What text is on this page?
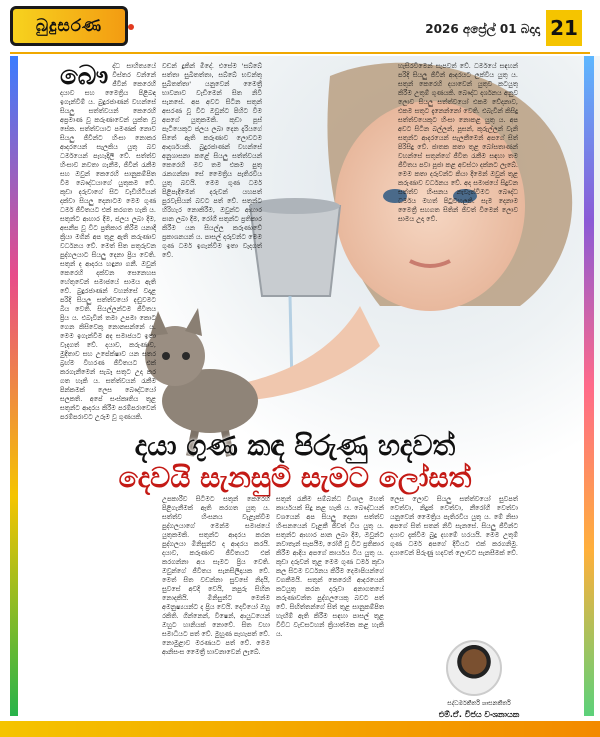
බුදුසරණ	2026 අප්‍රේල් 01 බදාදා 21
බෞ ද්ධ සාහිත්‍යයේ විස්තර වන්නේ ජීවීන් කෙරෙහි දයාව සහ මෛත්‍රිය පිළිබඳ ඉගැන්වීම් ය. බුදුරජාණන් වහන්සේ සියලු සත්ත්වයන් කෙරෙහි අප්‍රමාණ වූ කරුණාවෙන් යුක්ත වූ සේක. සත්ත්වයාට පමණක් නොව සියලු ජීවීන්ට හිංසා නොකර ආදරයෙන් සැලකිය යුතු බව ධර්මයෙන් පැහැදිලි වේ. සත්ත්ව හිංසාව නවතා ගැනීම, ජීවීන් රැකීම සහ ඔවුන් කෙරෙහි සානුකම්පිත වීම බෞද්ධයාගේ යුතුකම වේ. කුඩා දරුවාගේ සිට වැඩිහිටියන් දක්වා සියලු දෙනාටම මෙම ගුණ ධර්ම ජීවිතයට එක් කරගත හැකි ය. සතුන්ට ආහාර දීම, ජලය ලබා දීම, අසනීප වූ විට ප්‍රතිකාර කිරීම යනාදී ක්‍රියා මගින් අප තුළ ඇති කරුණාව වර්ධනය වේ. මෙත් සිත පතුරුවන පුද්ගලයාට සියලු දෙනා ප්‍රිය වෙති. සතුන් ද ආදරය හඳුනා ගනී. ඔවුන් කෙරෙහි දක්වන සෙනෙහස හේතුවෙන් සමාජයේ සාමය ඇති වේ. බුදුරජාණන් වහන්සේ වදාළ පරිදි සියලු සත්ත්වයෝ දඬුවමට බිය වෙති. සියල්ලන්ටම ජීවිතය ප්‍රිය ය. එබැවින් තමා උපමා කොට ගෙන කිසිවෙකු නොනසන්නේ ය. මෙම ඉගැන්වීම අද සමාජයට ඉතා වැදගත් වේ. දයාව, කරුණාව, මුදිතාව සහ උපේක්ෂාව යන සතර බ්‍රහ්ම විහරණ ජීවිතයට එක් කරගැනීමෙන් සැබෑ සතුට උදා කර ගත හැකි ය. සත්ත්වයන් රැකීම පින්කමක් ලෙස බෞද්ධයෝ සලකති. අපේ සංස්කෘතිය තුළ සතුන්ට ආදරය කිරීම පරම්පරාවෙන් පරම්පරාවට උරුම වූ ගුණයකි.
වඩන් දුකින් මිදේ. එසේම 'සබ්බේ සත්තා සුඛිතත්තා, සබ්බේ භවන්තු සුඛිතත්තා' යනුවෙන් මෛත්‍රී භාවනාව වැඩීමෙන් සිත නිවී සැනසේ. අප අවට සිටින සතුන් අසරණ වූ විට ඔවුන්ට පිහිට වීම අපගේ යුතුකමකි. කුඩා පූස් පැටියෙකුට ජලය ලබා දෙන දැරියගේ සිතේ ඇති කරුණාව ලොවටම ආදර්ශයකි. බුදුරජාණන් වහන්සේ අනුශාසනා කළේ සියලු සත්ත්වයන් කෙරෙහි මව තම එකම පුතු රැකගන්නා සේ මෛත්‍රිය පැතිරවිය යුතු බවයි. මෙම ගුණ ධර්ම පිළිපැදීමෙන් දරුවන් යහපත් පුරවැසියන් බවට පත් වේ. සතුන්ට හිරිහැර නොකිරීම, ඔවුන්ට ආහාර පාන ලබා දීම, රෝගී සතුන්ට ප්‍රතිකාර කිරීම යන සියල්ල කරුණාවේ ප්‍රකාශනයන් ය. පාසල් දරුවන්ට මෙම ගුණ ධර්ම ඉගැන්වීම ඉතා වැදගත් වේ.
හැසිරවීමෙන් සැපවත් වේ. ධර්මයේ සඳහන් පරිදි සියලු ජීවීන් ආදරයට ලක්විය යුතු ය. සතුන් කෙරෙහි දයාවෙන් යුතුව කටයුතු කිරීම උතුම් ගුණයකි. බෞද්ධ දර්ශනය අනුව ලොව සියලු සත්ත්වයෝ එකම වේදනාව, එකම සතුට දැනෙන්නෝ වෙති. එබැවින් කිසිදු සත්ත්වයෙකුට හිංසා නොකළ යුතු ය. අප අවට සිටින බල්ලන්, පූසන්, කුරුල්ලන් වැනි සතුන්ට ආදරයෙන් සැලකීමෙන් අපගේ සිත් පිරිසිදු වේ. ජාතක කතා තුළ බෝසතාණන් වහන්සේ සතුන්ගේ ජීවිත රැකීම සඳහා තම ජීවිතය පවා පූජා කළ අවස්ථා දක්නට ලැබේ. මෙම කතා දරුවන්ට කියා දීමෙන් ඔවුන් තුළ කරුණාව වර්ධනය වේ. අද සමාජයේ සිදුවන සත්ත්ව හිංසනය නැවැත්වීමට බෞද්ධ ධර්මය මහත් පිටුවහලකි. සැම දෙනාම මෛත්‍රී සහගත සිතින් ජීවත් වීමෙන් ලොව සාමය උදා වේ.
දයා ගුණ කඳ පිරුණු හදවත්
දෙවයි සැනසුම් සැමට ලෝසත්
උපකාරීව සිටීමට සතුන් කෙරෙහි පිළිගැනීමක් ඇති කරගත යුතු ය. සත්ත්ව හිංසනය වැළැක්වීම පුද්ගලයාගේ මෙන්ම සමාජයේ යුතුකමකි. සතුන්ට ආදරය කරන පුද්ගලයා මිනිසුන්ට ද ආදරය කරයි. දයාව, කරුණාව ජීවිතයට එක් කරගන්නා අය සැමට ප්‍රිය වෙති. ඔවුන්ගේ ජීවිතය සැනසිලිදායක වේ. මෙත් සිත වඩන්නා සුවසේ නිදයි, සුවසේ අවදි වෙයි, නපුරු සිහින නොදකියි. මිනිසුන්ට මෙන්ම අමනුෂ්‍යයන්ට ද ප්‍රිය වෙයි. දෙවියෝ ඔහු රකිති. ගින්නෙන්, විෂෙන්, ආයුධයෙන් ඔහුට හානියක් නොවේ. සිත වහා සමාධියට පත් වේ. මුහුණ පැහැපත් වේ. නොමුළාව මරණයට පත් වේ. මෙම ආනිසංස මෛත්‍රී භාවනාවෙන් ලැබේ.
සතුන් රැකීම සම්බන්ධ විශාල මහත් කාර්යයක් සිදු කළ හැකි ය. බෞද්ධයන් වශයෙන් අප සියලු දෙනා සත්ත්ව හිංසනයෙන් වැළකී ජීවත් විය යුතු ය. සතුන්ට ආහාර පාන ලබා දීම, ඔවුන්ට නවාතැන් සැපයීම, රෝගී වූ විට ප්‍රතිකාර කිරීම ආදිය අපගේ කාර්යය විය යුතු ය. කුඩා දරුවන් තුළ මෙම ගුණ ධර්ම කුඩා කල සිටම වර්ධනය කිරීම දෙමාපියන්ගේ වගකීමයි. සතුන් කෙරෙහි ආදරයෙන් කටයුතු කරන දරුවා අනාගතයේ කරුණාවන්ත පුද්ගලයෙකු බවට පත් වේ. සිඟිත්තන්ගේ සිත් තුළ සානුකම්පිත හැඟීම් ඇති කිරීම සඳහා පාසල් තුළ විවිධ වැඩසටහන් ක්‍රියාත්මක කළ හැකි ය.
ලෙස ලොව සියලු සත්ත්වයෝ සුවපත් වෙත්වා, නිදුක් වෙත්වා, නීරෝගී වෙත්වා යනුවෙන් මෛත්‍රිය පැතිරවිය යුතු ය. මේ නිසා අපගේ සිත් සතන් නිවී සැනසේ. සියලු ජීවීන්ට දයාව දැක්වීම බුදු දහමේ හරයයි. මෙම උතුම් ගුණ ධර්ම අපගේ දිවියට එක් කරගනිමු. දයාවෙන් පිරුණු හදවත් ලොවට සැනසීමක් වේ.
සද්ධර්මකීර්ති ශාසනකීර්ති
එම්.ඒ. විජය වංශනායක
